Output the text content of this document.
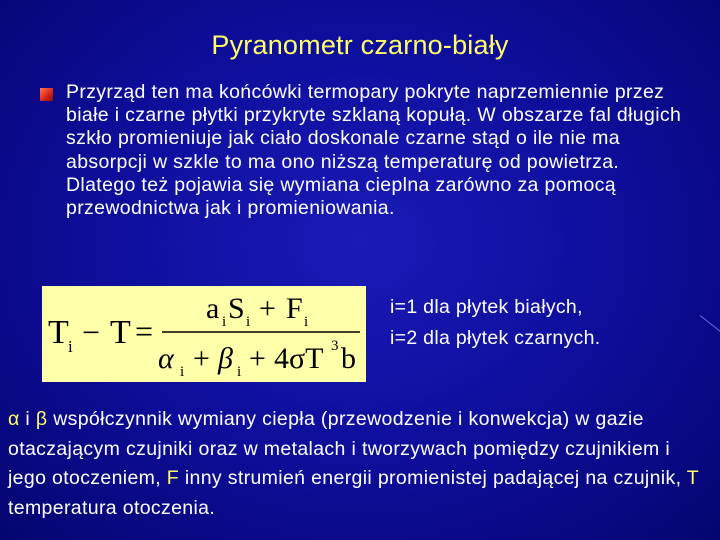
Pyranometr czarno-biały
Przyrząd ten ma końcówki termopary pokryte naprzemiennie przez białe i czarne płytki przykryte szklaną kopułą. W obszarze fal długich szkło promieniuje jak ciało doskonale czarne stąd o ile nie ma absorpcji w szkle to ma ono niższą temperaturę od powietrza. Dlatego też pojawia się wymiana cieplna zarówno za pomocą przewodnictwa jak i promieniowania.
T i − T =
a i S i + F i
α i + β i + 4σT 3 b
i=1 dla płytek białych,
i=2 dla płytek czarnych.
α i β współczynnik wymiany ciepła (przewodzenie i konwekcja) w gazie otaczającym czujniki oraz w metalach i tworzywach pomiędzy czujnikiem i jego otoczeniem, F inny strumień energii promienistej padającej na czujnik, T temperatura otoczenia.
